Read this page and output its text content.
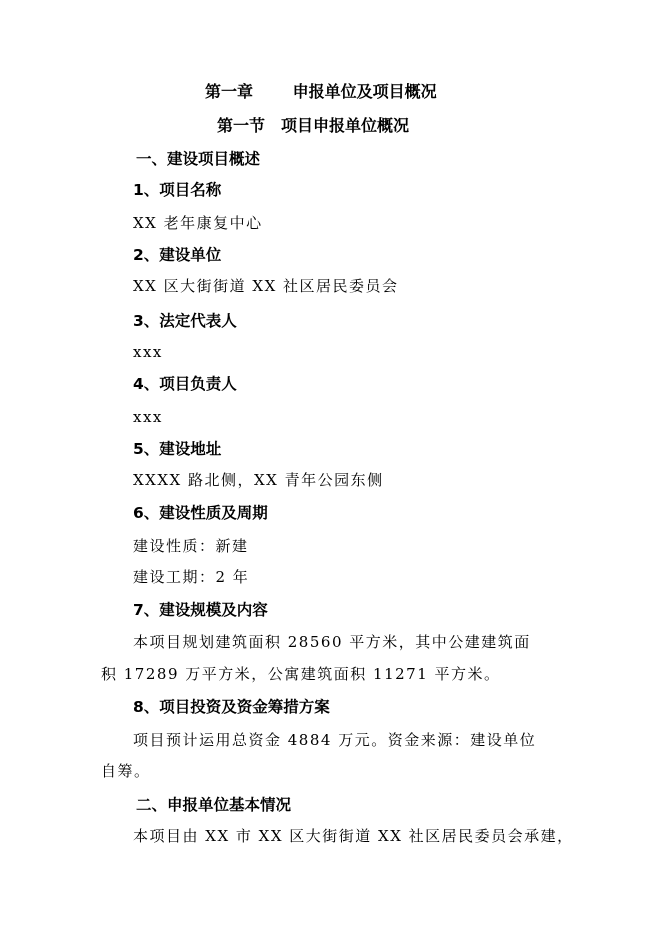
第一章　 申报单位及项目概况
第一节　项目申报单位概况
一、建设项目概述
1、项目名称
XX 老年康复中心
2、建设单位
XX 区大街街道 XX 社区居民委员会
3、法定代表人
xxx
4、项目负责人
xxx
5、建设地址
XXXX 路北侧，XX 青年公园东侧
6、建设性质及周期
建设性质：新建
建设工期：2 年
7、建设规模及内容
本项目规划建筑面积 28560 平方米，其中公建建筑面
积 17289 万平方米，公寓建筑面积 11271 平方米。
8、项目投资及资金筹措方案
项目预计运用总资金 4884 万元。资金来源：建设单位
自筹。
二、申报单位基本情况
本项目由 XX 市 XX 区大街街道 XX 社区居民委员会承建，
